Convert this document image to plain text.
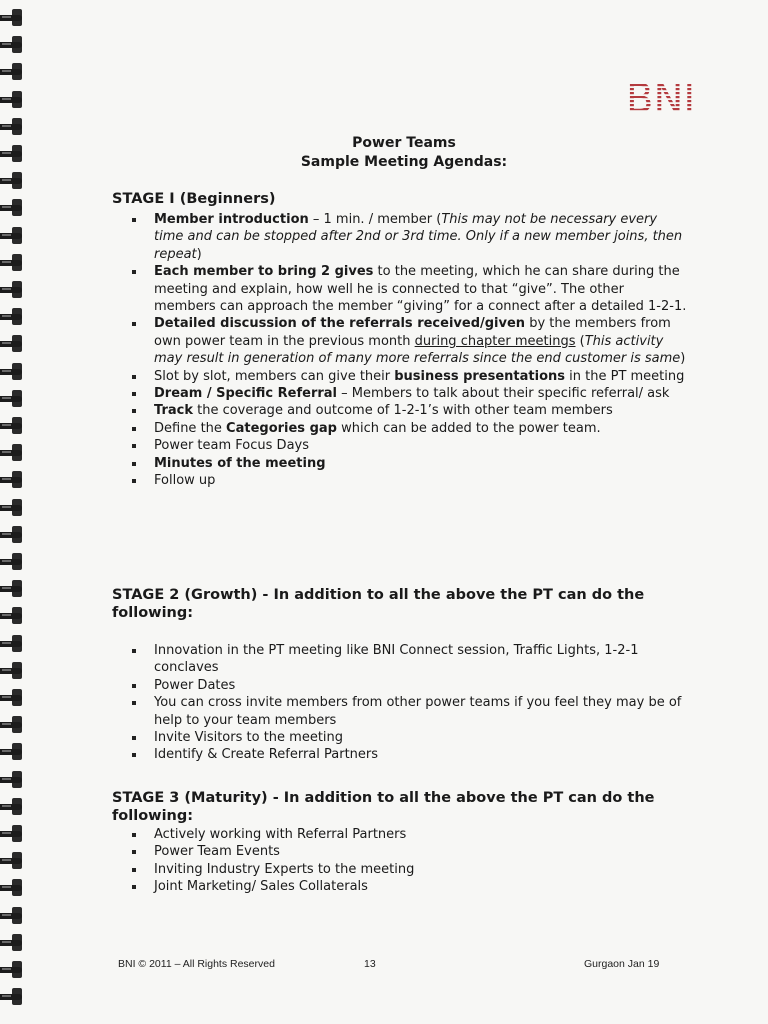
BNI
Power Teams
Sample Meeting Agendas:
STAGE I (Beginners)
Member introduction – 1 min. / member (This may not be necessary every time and can be stopped after 2nd or 3rd time. Only if a new member joins, then repeat)
Each member to bring 2 gives to the meeting, which he can share during the meeting and explain, how well he is connected to that “give”. The other members can approach the member “giving” for a connect after a detailed 1-2-1.
Detailed discussion of the referrals received/given by the members from own power team in the previous month during chapter meetings (This activity may result in generation of many more referrals since the end customer is same)
Slot by slot, members can give their business presentations in the PT meeting
Dream / Specific Referral – Members to talk about their specific referral/ ask
Track the coverage and outcome of 1-2-1’s with other team members
Define the Categories gap which can be added to the power team.
Power team Focus Days
Minutes of the meeting
Follow up
STAGE 2 (Growth) - In addition to all the above the PT can do the following:
Innovation in the PT meeting like BNI Connect session, Traffic Lights, 1-2-1 conclaves
Power Dates
You can cross invite members from other power teams if you feel they may be of help to your team members
Invite Visitors to the meeting
Identify & Create Referral Partners
STAGE 3 (Maturity) - In addition to all the above the PT can do the following:
Actively working with Referral Partners
Power Team Events
Inviting Industry Experts to the meeting
Joint Marketing/ Sales Collaterals
BNI © 2011 – All Rights Reserved	13	Gurgaon Jan 19
